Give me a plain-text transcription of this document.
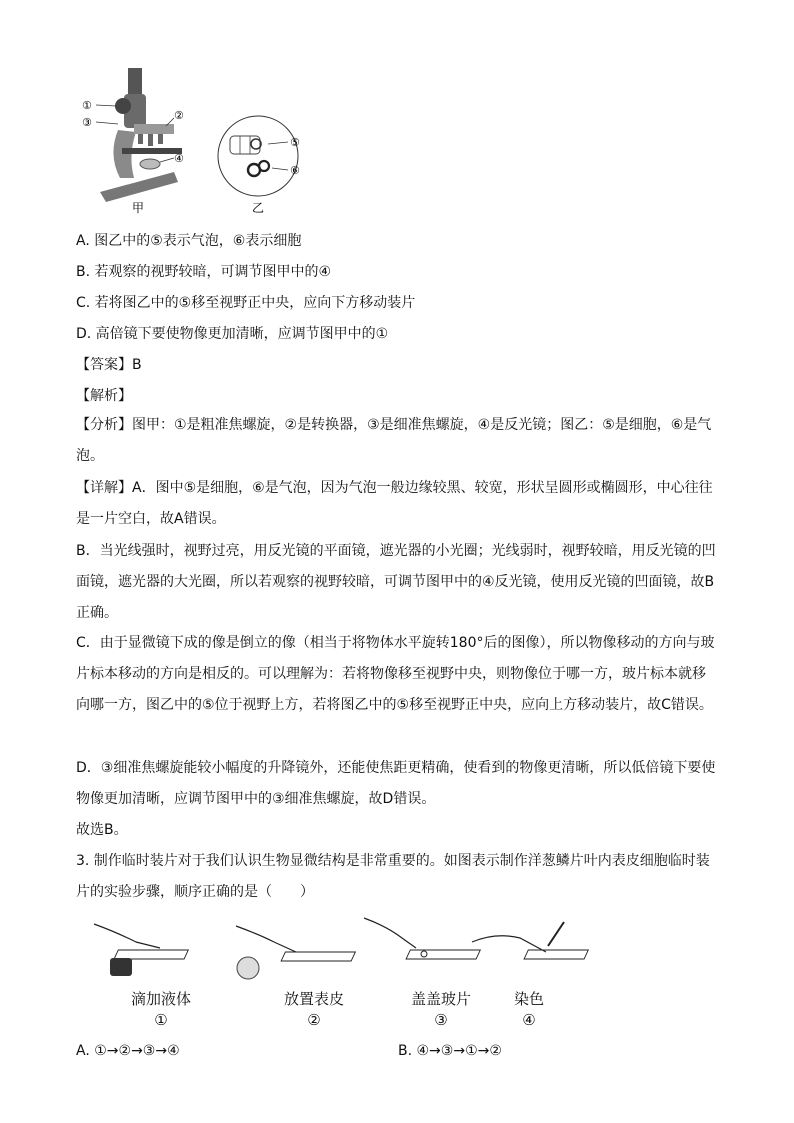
①
③
②
④
⑤
⑥
甲	乙
A. 图乙中的⑤表示气泡，⑥表示细胞
B. 若观察的视野较暗，可调节图甲中的④
C. 若将图乙中的⑤移至视野正中央，应向下方移动装片
D. 高倍镜下要使物像更加清晰，应调节图甲中的①
【答案】B
【解析】
【分析】图甲：①是粗准焦螺旋，②是转换器，③是细准焦螺旋，④是反光镜；图乙：⑤是细胞，⑥是气泡。
【详解】A．图中⑤是细胞，⑥是气泡，因为气泡一般边缘较黑、较宽，形状呈圆形或椭圆形，中心往往是一片空白，故A错误。
B．当光线强时，视野过亮，用反光镜的平面镜，遮光器的小光圈；光线弱时，视野较暗，用反光镜的凹面镜，遮光器的大光圈，所以若观察的视野较暗，可调节图甲中的④反光镜，使用反光镜的凹面镜，故B正确。
C．由于显微镜下成的像是倒立的像（相当于将物体水平旋转180°后的图像），所以物像移动的方向与玻片标本移动的方向是相反的。可以理解为：若将物像移至视野中央，则物像位于哪一方，玻片标本就移向哪一方，图乙中的⑤位于视野上方，若将图乙中的⑤移至视野正中央，应向上方移动装片，故C错误。
D．③细准焦螺旋能较小幅度的升降镜外，还能使焦距更精确，使看到的物像更清晰，所以低倍镜下要使物像更加清晰，应调节图甲中的③细准焦螺旋，故D错误。
故选B。
3. 制作临时装片对于我们认识生物显微结构是非常重要的。如图表示制作洋葱鳞片叶内表皮细胞临时装片的实验步骤，顺序正确的是（　　）
滴加液体	放置表皮	盖盖玻片	染色
①	②	③	④
A. ①→②→③→④	B. ④→③→①→②
